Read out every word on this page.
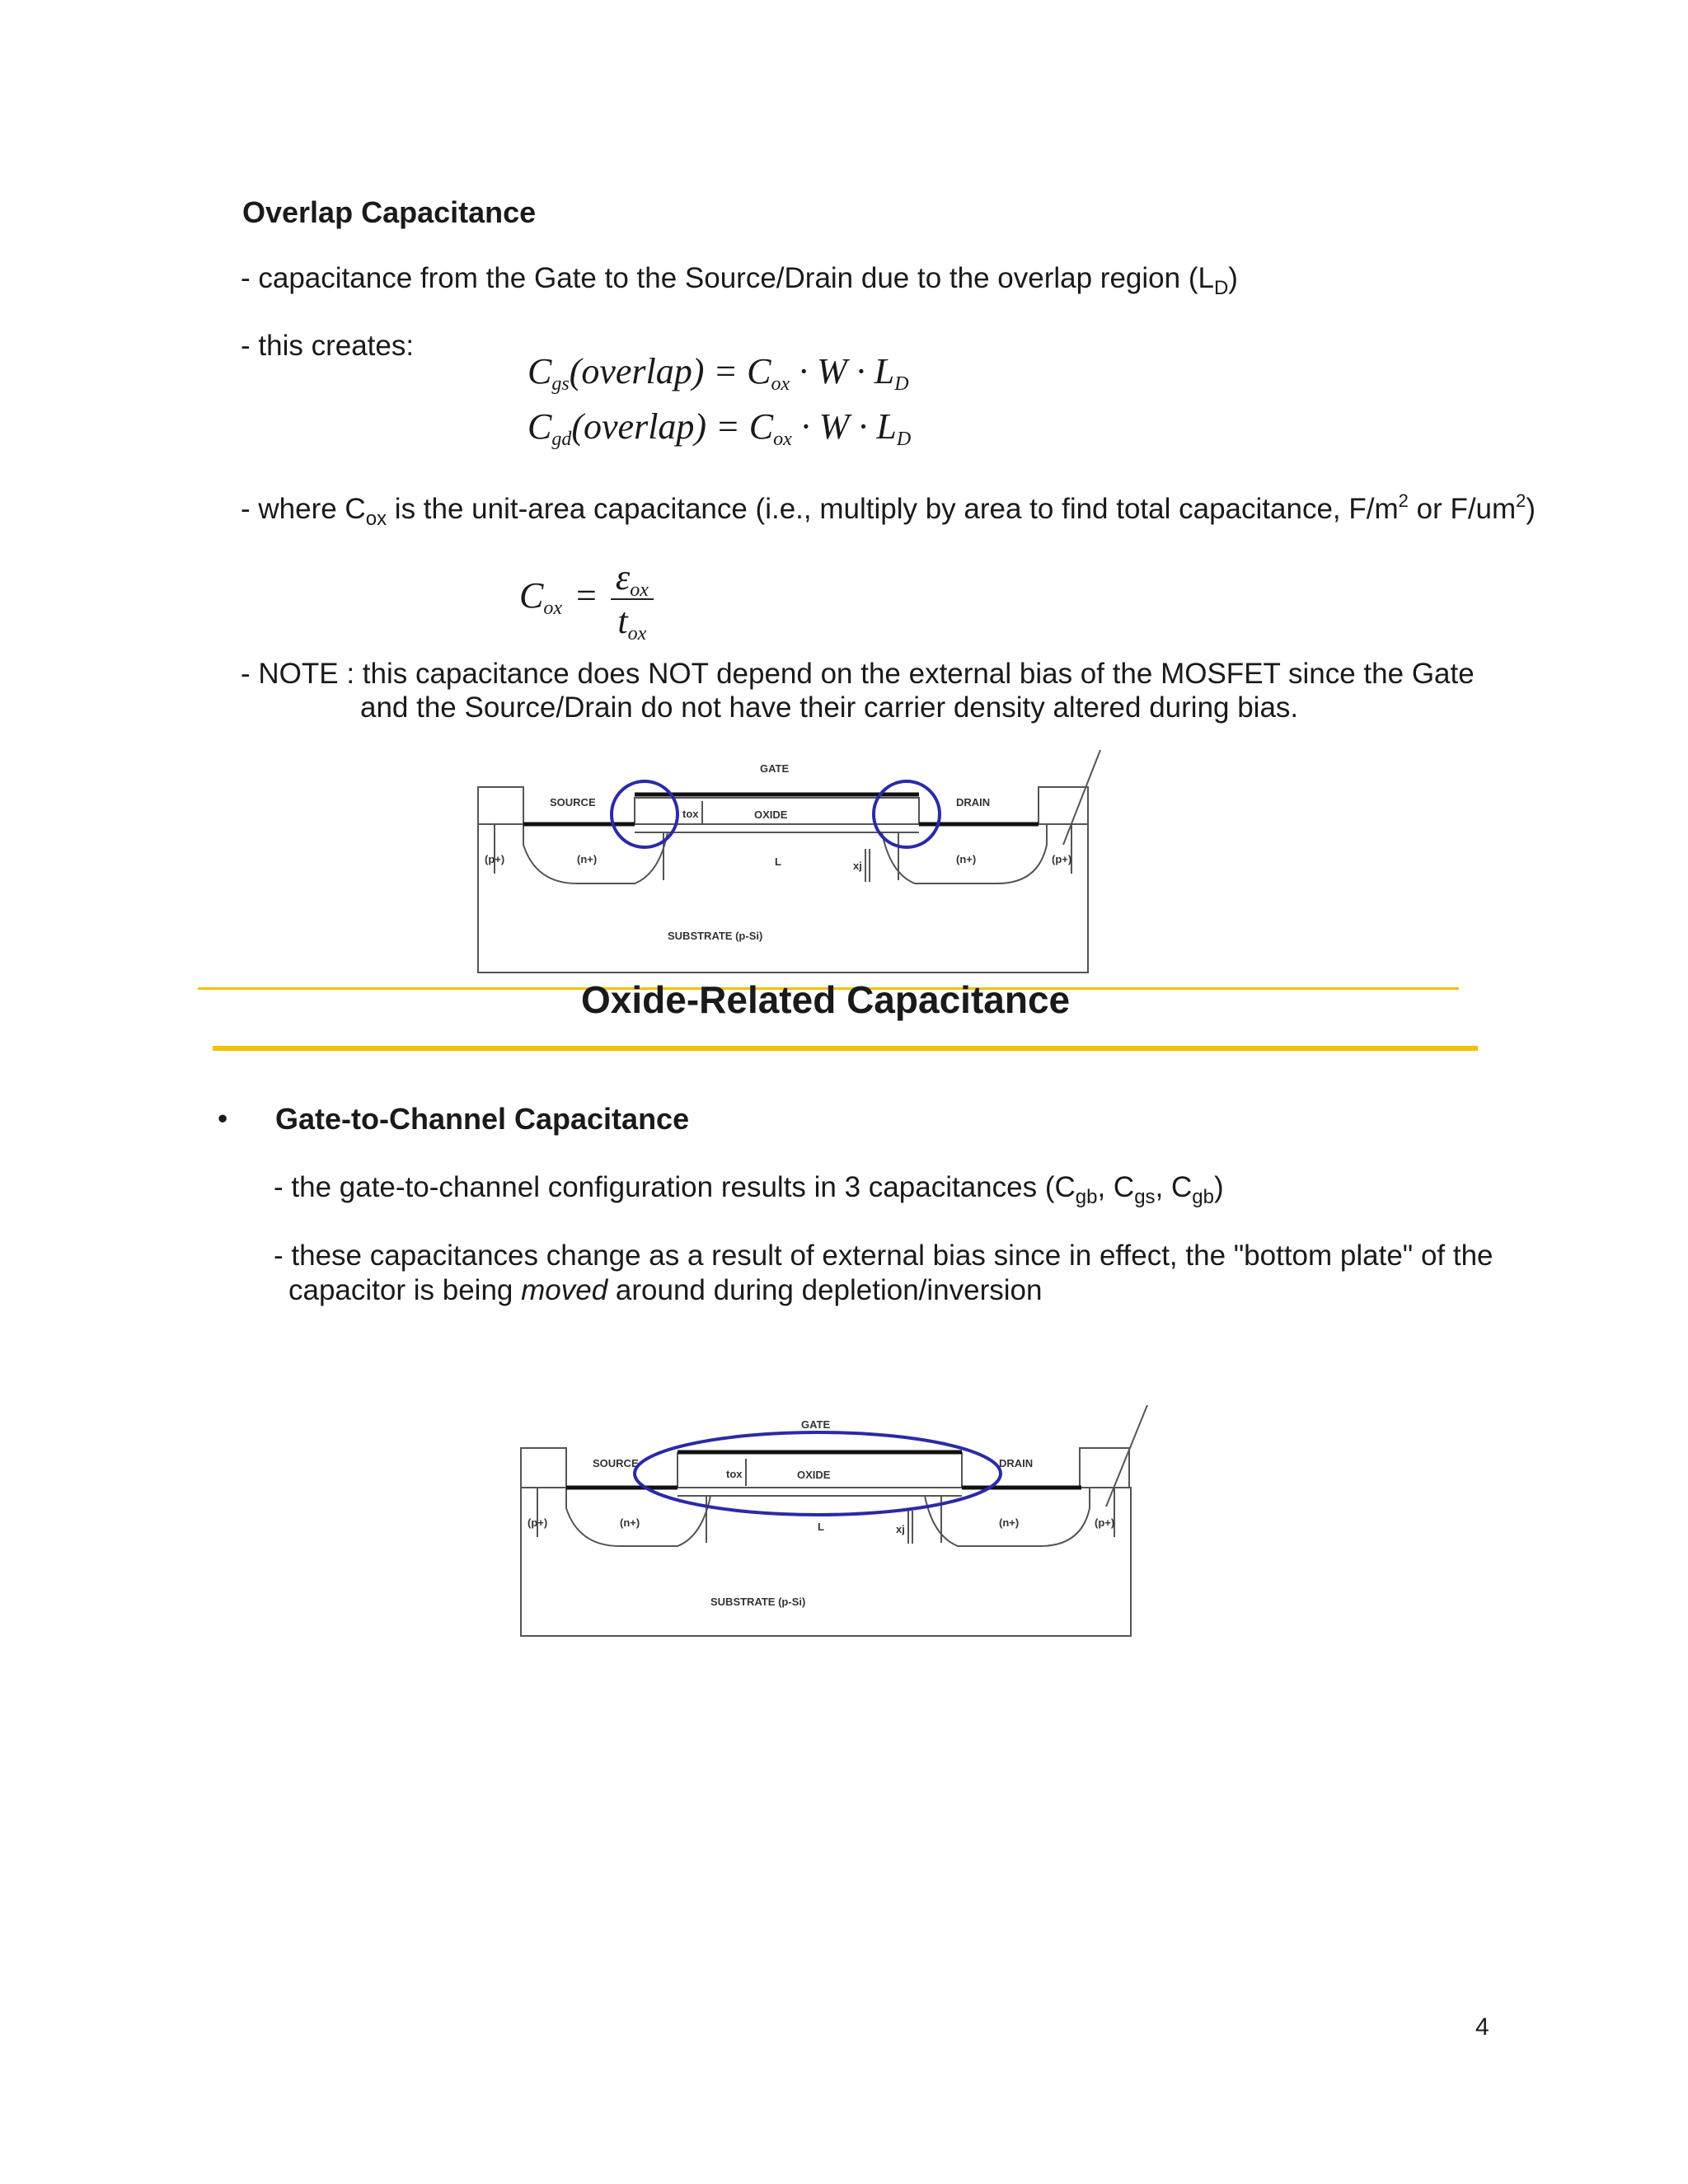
Overlap Capacitance
- capacitance from the Gate to the Source/Drain due to the overlap region $(L_D)$
- this creates:
$C_{gs}(overlap) = C_{ox} \cdot W \cdot L_D$
$C_{gd}(overlap) = C_{ox} \cdot W \cdot L_D$
- where $C_{ox}$ is the unit-area capacitance (i.e., multiply by area to find total capacitance, $F/m^2$ or $F/um^2$)
$C_{ox} = \frac{\varepsilon_{ox}}{t_{ox}}$
- NOTE : this capacitance does NOT depend on the external bias of the MOSFET since the Gate
and the Source/Drain do not have their carrier density altered during bias.
GATE
SOURCE	DRAIN
OXIDE
tox
L	xj
(n+)	(n+)
(p+)	(p+)
SUBSTRATE (p-Si)
Oxide-Related Capacitance
• Gate-to-Channel Capacitance
- the gate-to-channel configuration results in 3 capacitances ($C_{gb}$, $C_{gs}$, $C_{gb}$)
- these capacitances change as a result of external bias since in effect, the "bottom plate" of the
capacitor is being moved around during depletion/inversion
GATE
SOURCE	DRAIN
OXIDE
tox
L	xj
(n+)	(n+)
(p+)	(p+)
SUBSTRATE (p-Si)
4
